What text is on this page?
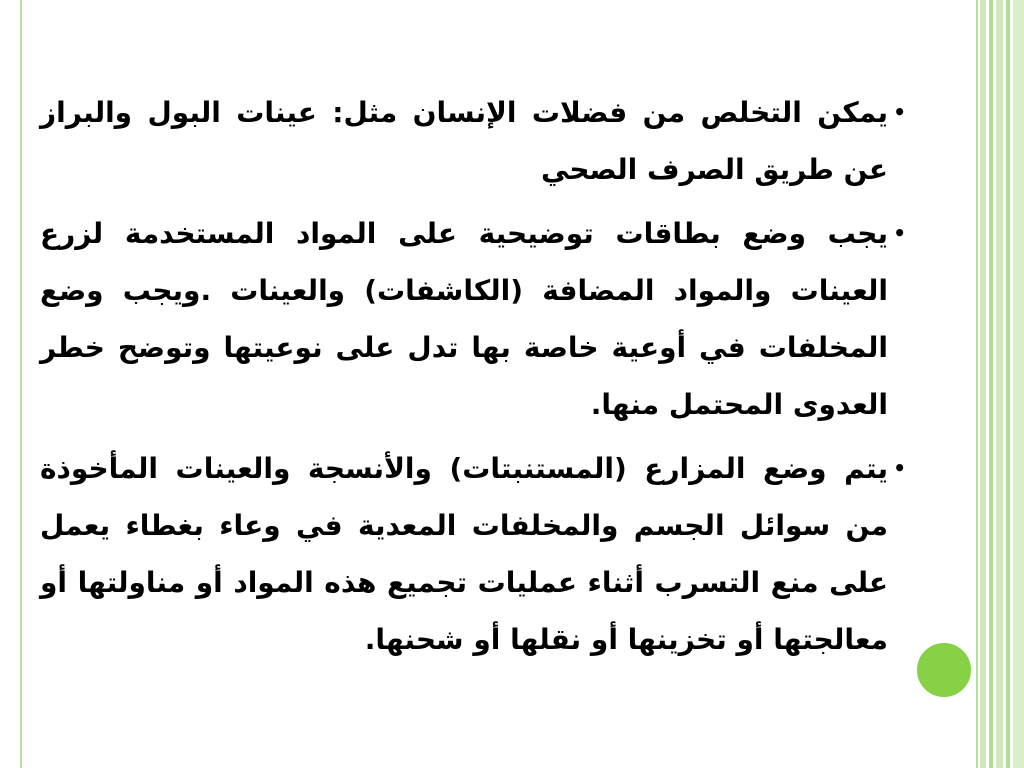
•
يمكن التخلص من فضلات الإنسان مثل: عينات البول والبراز عن طريق الصرف الصحي

•
يجب وضع بطاقات توضيحية على المواد المستخدمة لزرع العينات والمواد المضافة (الكاشفات) والعينات .ويجب وضع المخلفات في أوعية خاصة بها تدل على نوعيتها وتوضح خطر العدوى المحتمل منها.

•
يتم وضع المزارع (المستنبتات) والأنسجة والعينات المأخوذة من سوائل الجسم والمخلفات المعدية في وعاء بغطاء يعمل على منع التسرب أثناء عمليات تجميع هذه المواد أو مناولتها أو معالجتها أو تخزينها أو نقلها أو شحنها.
